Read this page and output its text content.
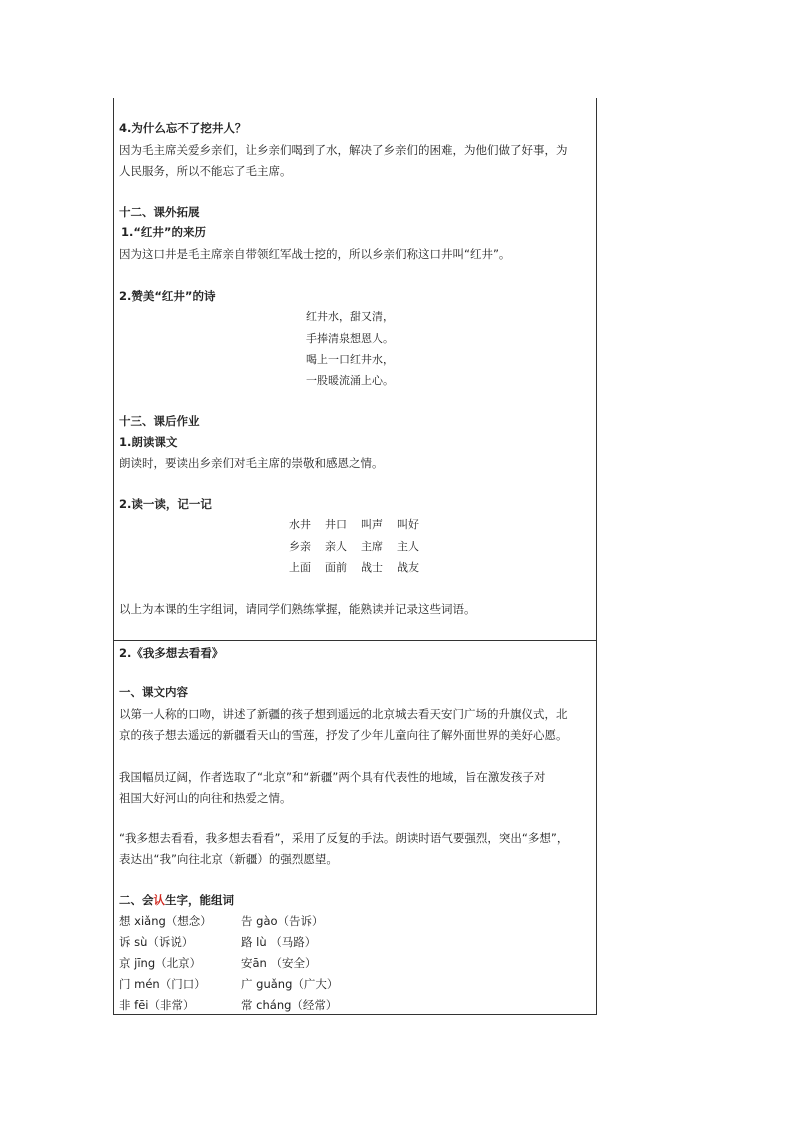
4.为什么忘不了挖井人？
因为毛主席关爱乡亲们，让乡亲们喝到了水，解决了乡亲们的困难，为他们做了好事，为
人民服务，所以不能忘了毛主席。
十二、课外拓展
1.“红井”的来历
因为这口井是毛主席亲自带领红军战士挖的，所以乡亲们称这口井叫“红井”。
2.赞美“红井”的诗
红井水，甜又清，
手捧清泉想恩人。
喝上一口红井水，
一股暖流涌上心。
十三、课后作业
1.朗读课文
朗读时，要读出乡亲们对毛主席的崇敬和感恩之情。
2.读一读，记一记
水井 井口 叫声 叫好
乡亲 亲人 主席 主人
上面 面前 战士 战友
以上为本课的生字组词，请同学们熟练掌握，能熟读并记录这些词语。
2.《我多想去看看》
一、课文内容
以第一人称的口吻，讲述了新疆的孩子想到遥远的北京城去看天安门广场的升旗仪式，北
京的孩子想去遥远的新疆看天山的雪莲，抒发了少年儿童向往了解外面世界的美好心愿。
我国幅员辽阔，作者选取了“北京”和“新疆”两个具有代表性的地域，旨在激发孩子对
祖国大好河山的向往和热爱之情。
“我多想去看看，我多想去看看”，采用了反复的手法。朗读时语气要强烈，突出“多想”，
表达出“我”向往北京（新疆）的强烈愿望。
二、会认生字，能组词
想 xiǎng（想念）
诉 sù（诉说）
京 jīng（北京）
门 mén（门口）
非 fēi（非常）
告 gào（告诉）
路 lù （马路）
安ān （安全）
广 guǎng（广大）
常 cháng（经常）
